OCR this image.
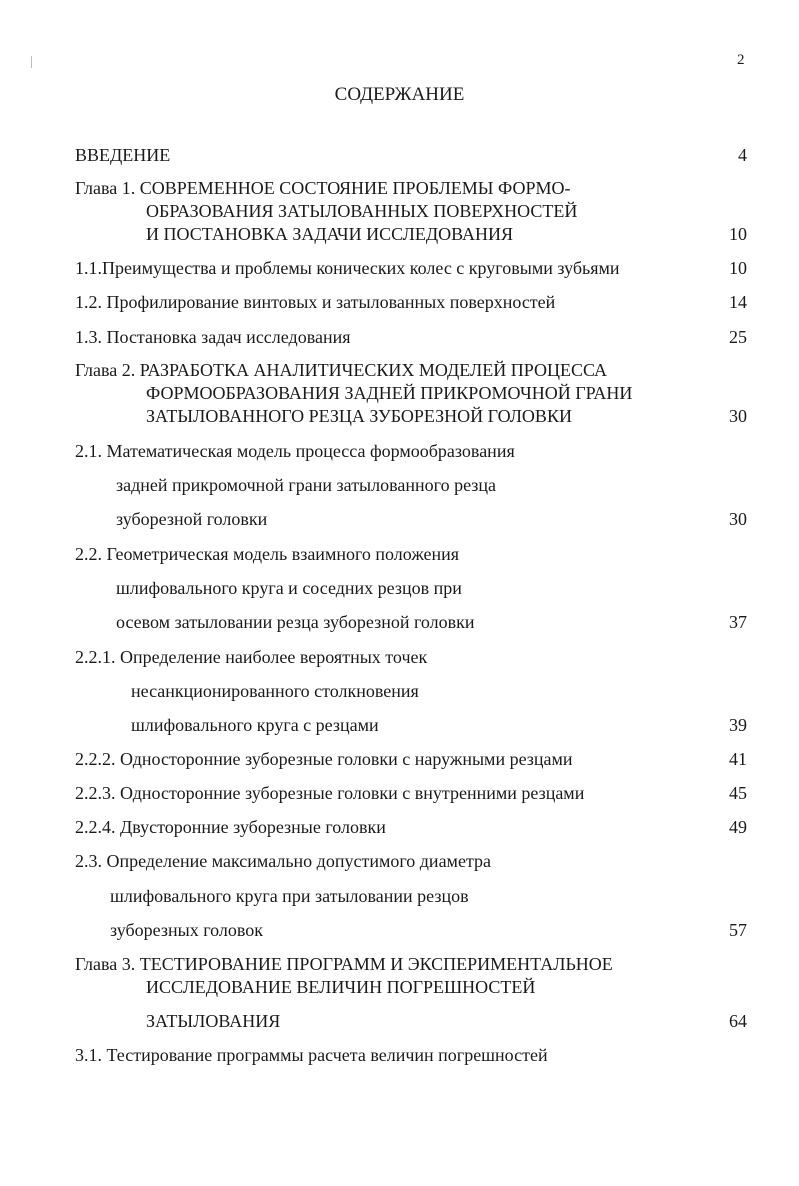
2
СОДЕРЖАНИЕ
ВВЕДЕНИЕ	4
Глава 1. СОВРЕМЕННОЕ СОСТОЯНИЕ ПРОБЛЕМЫ ФОРМО-
ОБРАЗОВАНИЯ ЗАТЫЛОВАННЫХ ПОВЕРХНОСТЕЙ
И ПОСТАНОВКА ЗАДАЧИ ИССЛЕДОВАНИЯ	10
1.1.Преимущества и проблемы конических колес с круговыми зубьями	10
1.2. Профилирование винтовых и затылованных поверхностей	14
1.3. Постановка задач исследования	25
Глава 2. РАЗРАБОТКА АНАЛИТИЧЕСКИХ МОДЕЛЕЙ ПРОЦЕССА
ФОРМООБРАЗОВАНИЯ ЗАДНЕЙ ПРИКРОМОЧНОЙ ГРАНИ
ЗАТЫЛОВАННОГО РЕЗЦА ЗУБОРЕЗНОЙ ГОЛОВКИ	30
2.1. Математическая модель процесса формообразования
задней прикромочной грани затылованного резца
зуборезной головки	30
2.2. Геометрическая модель взаимного положения
шлифовального круга и соседних резцов при
осевом затыловании резца зуборезной головки	37
2.2.1. Определение наиболее вероятных точек
несанкционированного столкновения
шлифовального круга с резцами	39
2.2.2. Односторонние зуборезные головки с наружными резцами	41
2.2.3. Односторонние зуборезные головки с внутренними резцами	45
2.2.4. Двусторонние зуборезные головки	49
2.3. Определение максимально допустимого диаметра
шлифовального круга при затыловании резцов
зуборезных головок	57
Глава 3. ТЕСТИРОВАНИЕ ПРОГРАММ И ЭКСПЕРИМЕНТАЛЬНОЕ
ИССЛЕДОВАНИЕ ВЕЛИЧИН ПОГРЕШНОСТЕЙ
ЗАТЫЛОВАНИЯ	64
3.1. Тестирование программы расчета величин погрешностей
